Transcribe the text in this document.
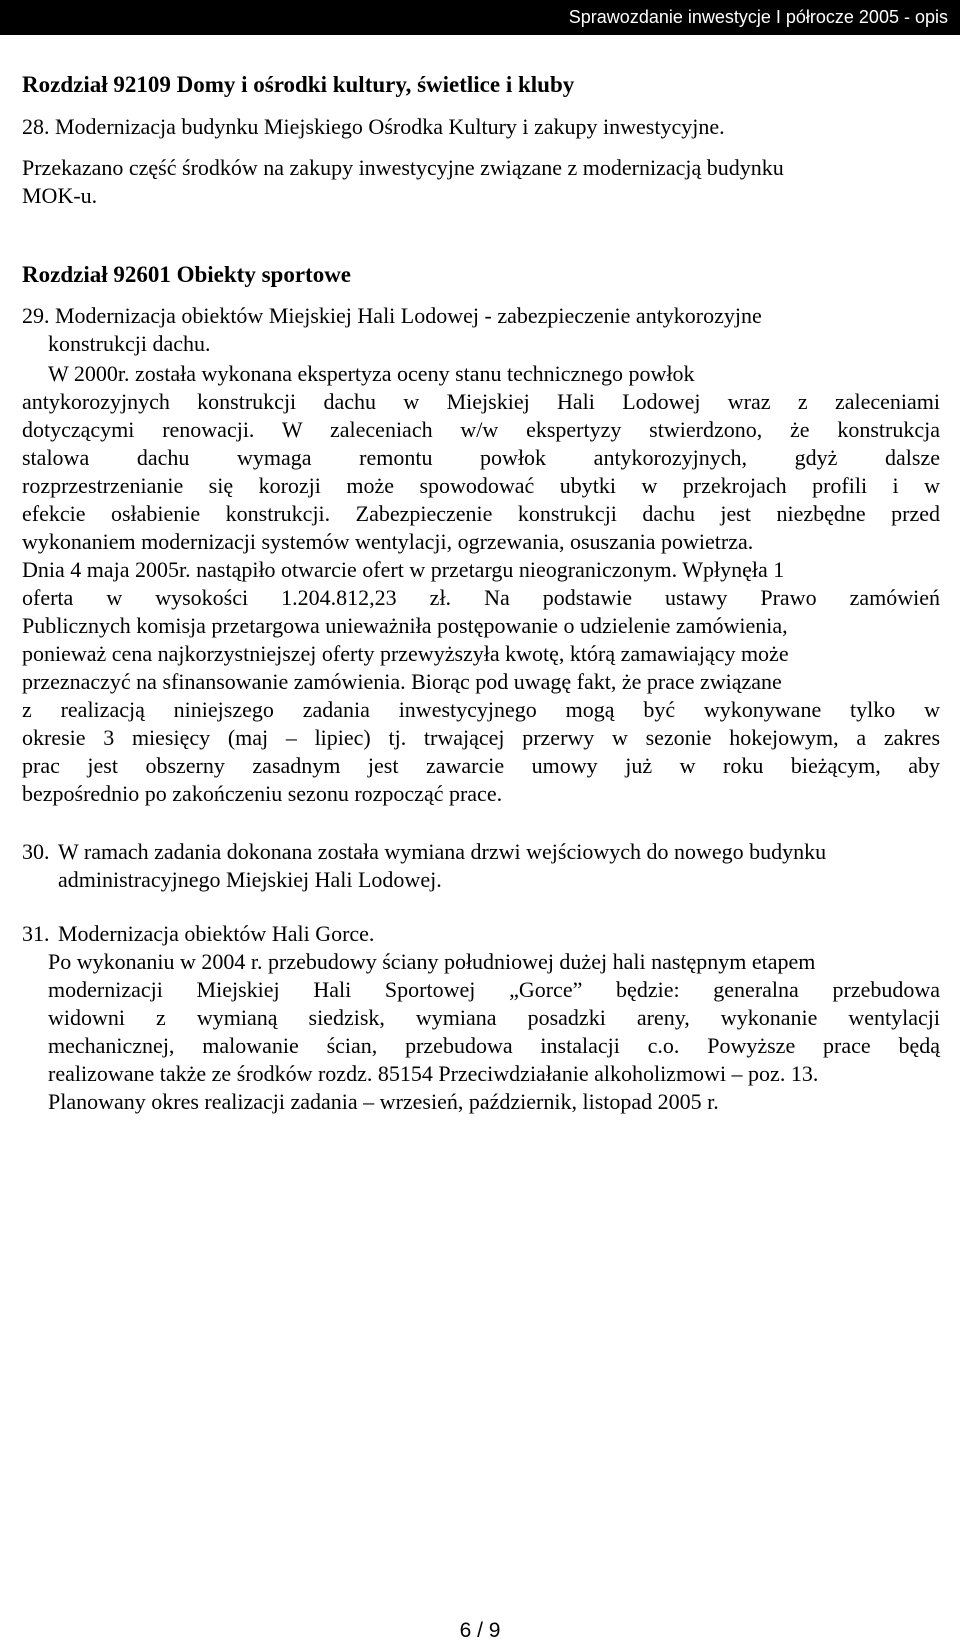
Sprawozdanie inwestycje I półrocze 2005 - opis
Rozdział 92109 Domy i ośrodki kultury, świetlice i kluby
28. Modernizacja budynku Miejskiego Ośrodka Kultury i zakupy inwestycyjne.
Przekazano część środków na zakupy inwestycyjne związane z modernizacją budynku
MOK-u.
Rozdział 92601 Obiekty sportowe
29. Modernizacja obiektów Miejskiej Hali Lodowej - zabezpieczenie antykorozyjne
konstrukcji dachu.
W 2000r. została wykonana ekspertyza oceny stanu technicznego powłok
antykorozyjnych konstrukcji dachu w Miejskiej Hali Lodowej wraz z zaleceniami
dotyczącymi renowacji. W zaleceniach w/w ekspertyzy stwierdzono, że konstrukcja
stalowa dachu wymaga remontu powłok antykorozyjnych, gdyż dalsze
rozprzestrzenianie się korozji może spowodować ubytki w przekrojach profili i w
efekcie osłabienie konstrukcji. Zabezpieczenie konstrukcji dachu jest niezbędne przed
wykonaniem modernizacji systemów wentylacji, ogrzewania, osuszania powietrza.
Dnia 4 maja 2005r. nastąpiło otwarcie ofert w przetargu nieograniczonym. Wpłynęła 1
oferta w wysokości 1.204.812,23 zł. Na podstawie ustawy Prawo zamówień
Publicznych komisja przetargowa unieważniła postępowanie o udzielenie zamówienia,
ponieważ cena najkorzystniejszej oferty przewyższyła kwotę, którą zamawiający może
przeznaczyć na sfinansowanie zamówienia. Biorąc pod uwagę fakt, że prace związane
z realizacją niniejszego zadania inwestycyjnego mogą być wykonywane tylko w
okresie 3 miesięcy (maj – lipiec) tj. trwającej przerwy w sezonie hokejowym, a zakres
prac jest obszerny zasadnym jest zawarcie umowy już w roku bieżącym, aby
bezpośrednio po zakończeniu sezonu rozpocząć prace.
30. W ramach zadania dokonana została wymiana drzwi wejściowych do nowego budynku
administracyjnego Miejskiej Hali Lodowej.
31. Modernizacja obiektów Hali Gorce.
Po wykonaniu w 2004 r. przebudowy ściany południowej dużej hali następnym etapem
modernizacji Miejskiej Hali Sportowej „Gorce” będzie: generalna przebudowa
widowni z wymianą siedzisk, wymiana posadzki areny, wykonanie wentylacji
mechanicznej, malowanie ścian, przebudowa instalacji c.o. Powyższe prace będą
realizowane także ze środków rozdz. 85154 Przeciwdziałanie alkoholizmowi – poz. 13.
Planowany okres realizacji zadania – wrzesień, październik, listopad 2005 r.
6 / 9
